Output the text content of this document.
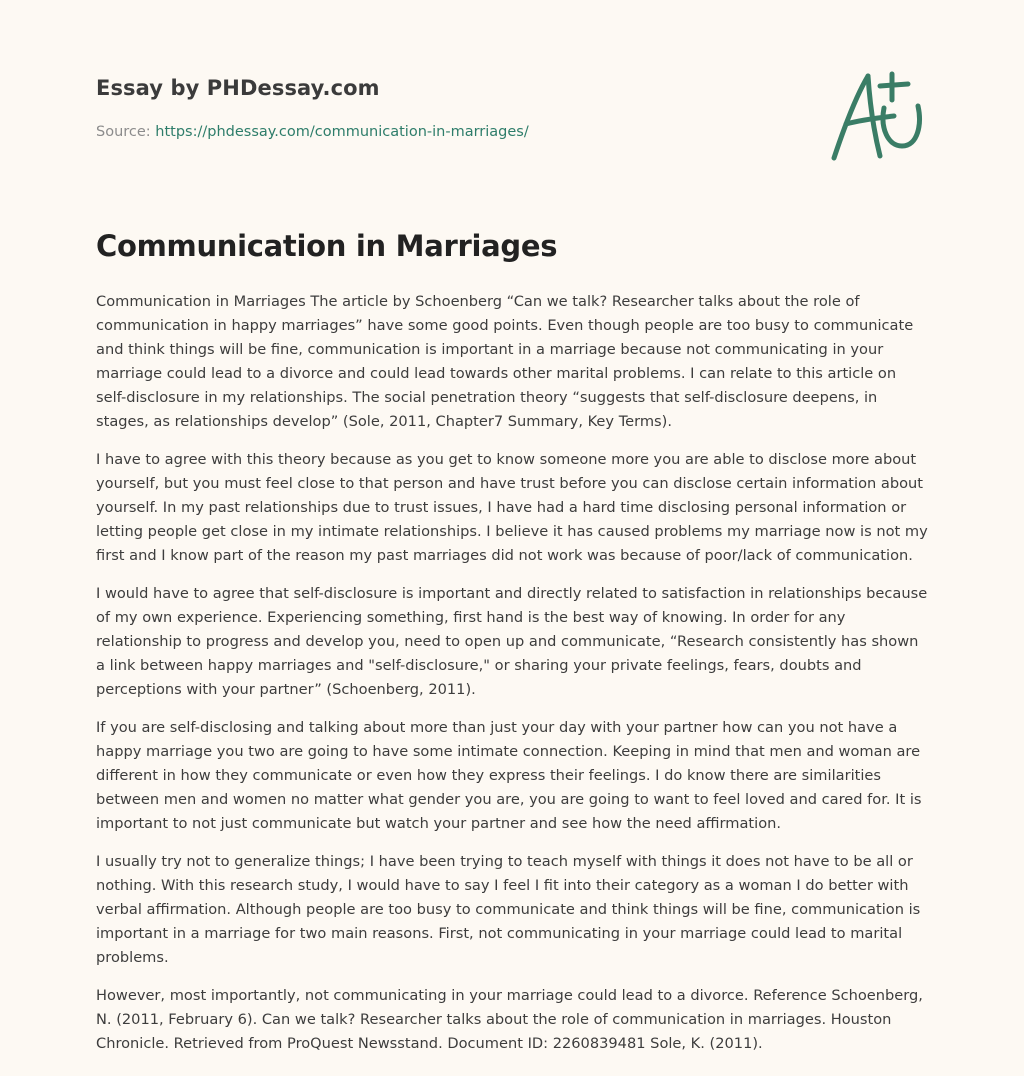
Essay by PHDessay.com
Source: https://phdessay.com/communication-in-marriages/
Communication in Marriages

Communication in Marriages The article by Schoenberg “Can we talk? Researcher talks about the role of communication in happy marriages” have some good points. Even though people are too busy to communicate and think things will be fine, communication is important in a marriage because not communicating in your marriage could lead to a divorce and could lead towards other marital problems. I can relate to this article on self-disclosure in my relationships. The social penetration theory “suggests that self-disclosure deepens, in stages, as relationships develop” (Sole, 2011, Chapter7 Summary, Key Terms).

I have to agree with this theory because as you get to know someone more you are able to disclose more about yourself, but you must feel close to that person and have trust before you can disclose certain information about yourself. In my past relationships due to trust issues, I have had a hard time disclosing personal information or letting people get close in my intimate relationships. I believe it has caused problems my marriage now is not my first and I know part of the reason my past marriages did not work was because of poor/lack of communication.

I would have to agree that self-disclosure is important and directly related to satisfaction in relationships because of my own experience. Experiencing something, first hand is the best way of knowing. In order for any relationship to progress and develop you, need to open up and communicate, “Research consistently has shown a link between happy marriages and "self-disclosure," or sharing your private feelings, fears, doubts and perceptions with your partner” (Schoenberg, 2011).

If you are self-disclosing and talking about more than just your day with your partner how can you not have a happy marriage you two are going to have some intimate connection. Keeping in mind that men and woman are different in how they communicate or even how they express their feelings. I do know there are similarities between men and women no matter what gender you are, you are going to want to feel loved and cared for. It is important to not just communicate but watch your partner and see how the need affirmation.

I usually try not to generalize things; I have been trying to teach myself with things it does not have to be all or nothing. With this research study, I would have to say I feel I fit into their category as a woman I do better with verbal affirmation. Although people are too busy to communicate and think things will be fine, communication is important in a marriage for two main reasons. First, not communicating in your marriage could lead to marital problems.

However, most importantly, not communicating in your marriage could lead to a divorce. Reference Schoenberg, N. (2011, February 6). Can we talk? Researcher talks about the role of communication in marriages. Houston Chronicle. Retrieved from ProQuest Newsstand. Document ID: 2260839481 Sole, K. (2011).
